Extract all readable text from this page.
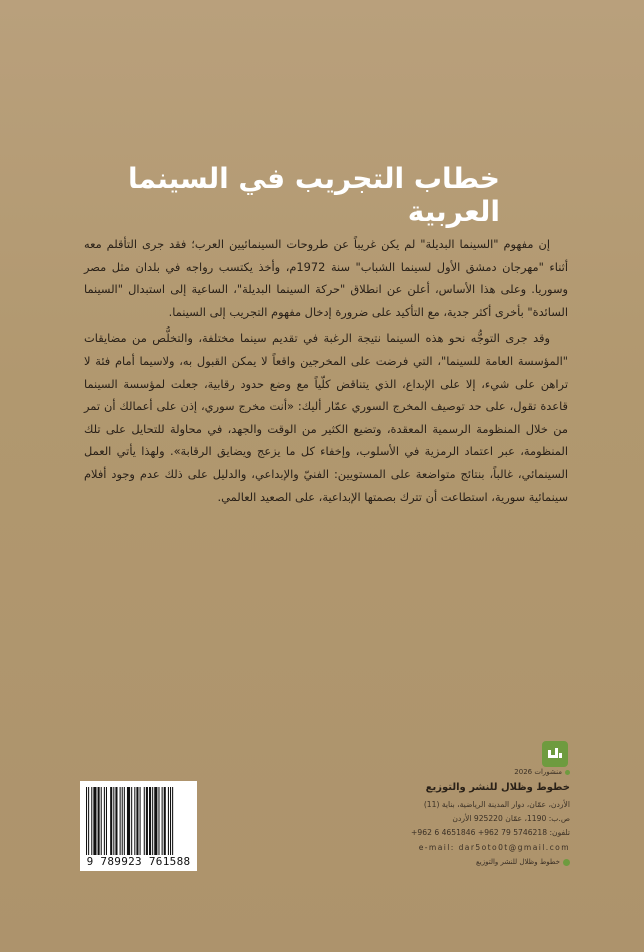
خطاب التجريب في السينما العربية

إن مفهوم "السينما البديلة" لم يكن غريباً عن طروحات السينمائيين العرب؛ فقد جرى التأقلم معه أثناء "مهرجان دمشق الأول لسينما الشباب" سنة 1972م، وأخذ يكتسب رواجه في بلدان مثل مصر وسوريا. وعلى هذا الأساس، أعلن عن انطلاق "حركة السينما البديلة"، الساعية إلى استبدال "السينما السائدة" بأخرى أكثر جدية، مع التأكيد على ضرورة إدخال مفهوم التجريب إلى السينما.

وقد جرى التوجُّه نحو هذه السينما نتيجة الرغبة في تقديم سينما مختلفة، والتخلُّص من مضايقات "المؤسسة العامة للسينما"، التي فرضت على المخرجين واقعاً لا يمكن القبول به، ولاسيما أمام فئة لا تراهن على شيء، إلا على الإبداع، الذي يتناقض كلّياً مع وضع حدود رقابية، جعلت لمؤسسة السينما قاعدة تقول، على حد توصيف المخرج السوري عمّار أليك: «أنت مخرج سوري، إذن على أعمالك أن تمر من خلال المنظومة الرسمية المعقدة، وتضيع الكثير من الوقت والجهد، في محاولة للتحايل على تلك المنظومة، عبر اعتماد الرمزية في الأسلوب، وإخفاء كل ما يزعج ويضايق الرقابة». ولهذا يأتي العمل السينمائي، غالباً، بنتائج متواضعة على المستويين: الفنيّ والإبداعي، والدليل على ذلك عدم وجود أفلام سينمائية سورية، استطاعت أن تترك بصمتها الإبداعية، على الصعيد العالمي.

منشورات 2026
خطوط وظلال للنشر والتوزيع
الأردن، عمّان، دوار المدينة الرياضية، بناية (11)
ص.ب: 1190، عمّان 925220 الأردن
تلفون: 5746218 79 962+ 4651846 6 962+
e-mail: dar5oto0t@gmail.com
خطوط وظلال للنشر والتوزيع
9 789923 761588
